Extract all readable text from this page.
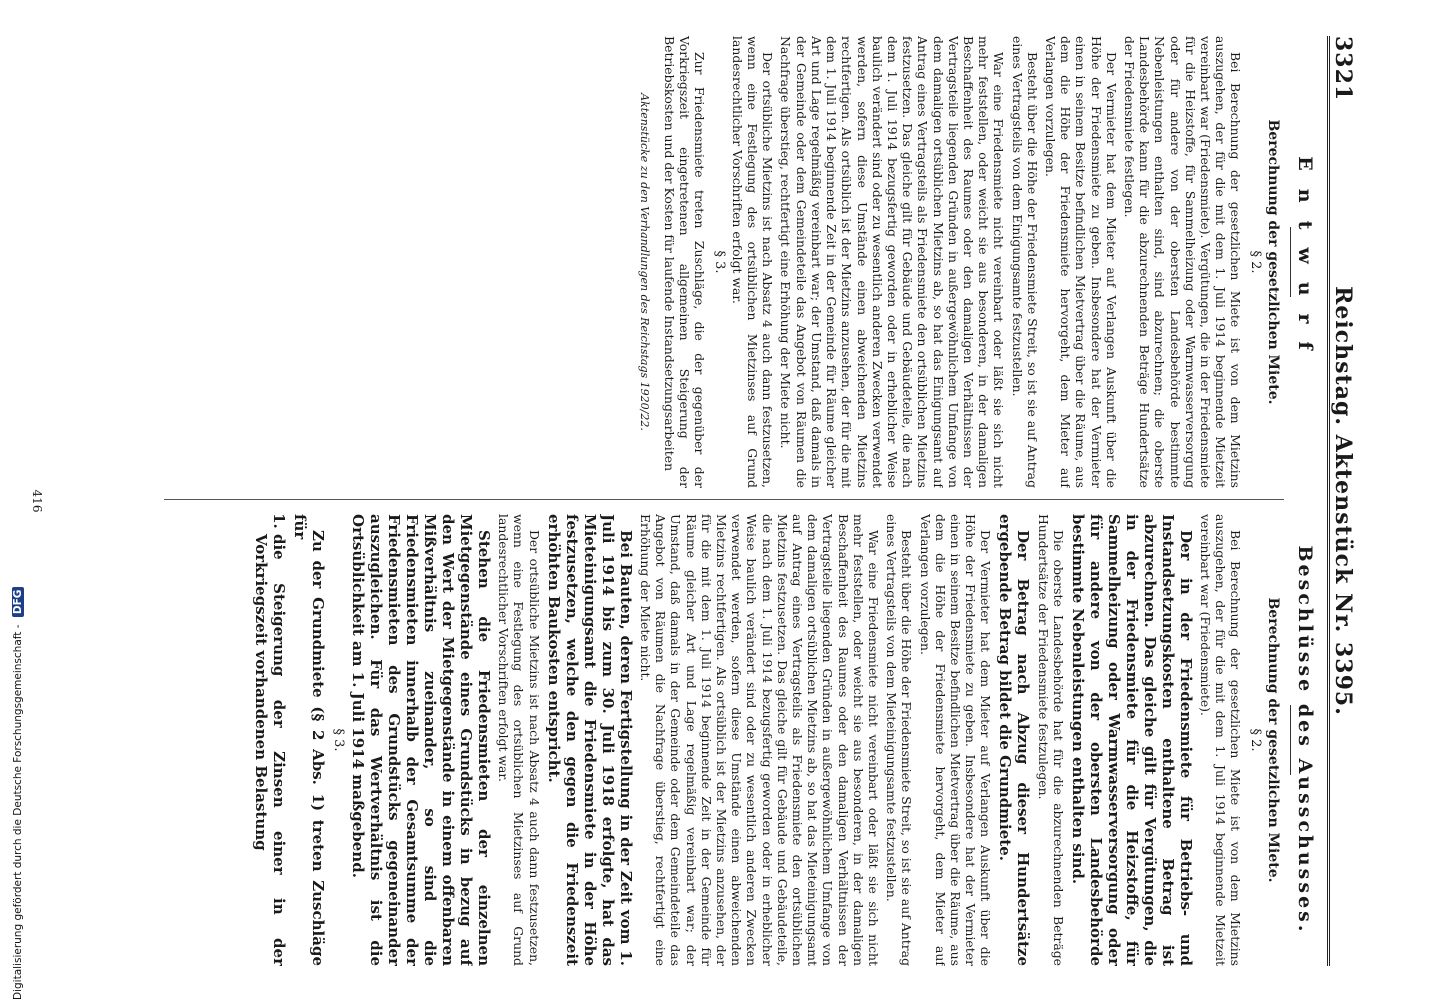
3321
Reichstag. Aktenstück Nr. 3395.
Entwurf
Berechnung der gesetzlichen Miete.
§ 2.

Bei Berechnung der gesetzlichen Miete ist von dem Mietzins auszugehen, der für die mit dem 1. Juli 1914 beginnende Mietzeit vereinbart war (Friedensmiete). Vergütungen, die in der Friedensmiete für die Heizstoffe, für Sammelheizung oder Warmwasserversorgung oder für andere von der obersten Landesbehörde bestimmte Nebenleistungen enthalten sind, sind abzurechnen; die oberste Landesbehörde kann für die abzurechnenden Beträge Hundertsätze der Friedensmiete festlegen.

Der Vermieter hat dem Mieter auf Verlangen Auskunft über die Höhe der Friedensmiete zu geben. Insbesondere hat der Vermieter einen in seinem Besitze befindlichen Mietvertrag über die Räume, aus dem die Höhe der Friedensmiete hervorgeht, dem Mieter auf Verlangen vorzulegen.

Besteht über die Höhe der Friedensmiete Streit, so ist sie auf Antrag eines Vertragsteils von dem Einigungsamte festzustellen.

War eine Friedensmiete nicht vereinbart oder läßt sie sich nicht mehr feststellen, oder weicht sie aus besonderen, in der damaligen Beschaffenheit des Raumes oder den damaligen Verhältnissen der Vertragsteile liegenden Gründen in außergewöhnlichem Umfange von dem damaligen ortsüblichen Mietzins ab, so hat das Einigungsamt auf Antrag eines Vertragsteils als Friedensmiete den ortsüblichen Mietzins festzusetzen. Das gleiche gilt für Gebäude und Gebäudeteile, die nach dem 1. Juli 1914 bezugsfertig geworden oder in erheblicher Weise baulich verändert sind oder zu wesentlich anderen Zwecken verwendet werden, sofern diese Umstände einen abweichenden Mietzins rechtfertigen. Als ortsüblich ist der Mietzins anzusehen, der für die mit dem 1. Juli 1914 beginnende Zeit in der Gemeinde für Räume gleicher Art und Lage regelmäßig vereinbart war; der Umstand, daß damals in der Gemeinde oder dem Gemeindeteile das Angebot von Räumen die Nachfrage überstieg, rechtfertigt eine Erhöhung der Miete nicht.

Der ortsübliche Mietzins ist nach Absatz 4 auch dann festzusetzen, wenn eine Festlegung des ortsüblichen Mietzinses auf Grund landesrechtlicher Vorschriften erfolgt war.

§ 3.

Zur Friedensmiete treten Zuschläge, die der gegenüber der Vorkriegszeit eingetretenen allgemeinen Steigerung der Betriebskosten und der Kosten für laufende Instandsetzungsarbeiten

Aktenstücke zu den Verhandlungen des Reichstags 1920/22.
Beschlüsse des Ausschusses.
Berechnung der gesetzlichen Miete.
§ 2.

Bei Berechnung der gesetzlichen Miete ist von dem Mietzins auszugehen, der für die mit dem 1. Juli 1914 beginnende Mietzeit vereinbart war (Friedensmiete).

Der in der Friedensmiete für Betriebs- und Instandsetzungskosten enthaltene Betrag ist abzurechnen. Das gleiche gilt für Vergütungen, die in der Friedensmiete für die Heizstoffe, für Sammelheizung oder Warmwasserversorgung oder für andere von der obersten Landesbehörde bestimmte Nebenleistungen enthalten sind.

Die oberste Landesbehörde hat für die abzurechnenden Beträge Hundertsätze der Friedensmiete festzulegen.

Der Betrag nach Abzug dieser Hundertsätze ergebende Betrag bildet die Grundmiete.

Der Vermieter hat dem Mieter auf Verlangen Auskunft über die Höhe der Friedensmiete zu geben. Insbesondere hat der Vermieter einen in seinem Besitze befindlichen Mietvertrag über die Räume, aus dem die Höhe der Friedensmiete hervorgeht, dem Mieter auf Verlangen vorzulegen.

Besteht über die Höhe der Friedensmiete Streit, so ist sie auf Antrag eines Vertragsteils von dem Mieteinigungsamte festzustellen.

War eine Friedensmiete nicht vereinbart oder läßt sie sich nicht mehr feststellen, oder weicht sie aus besonderen, in der damaligen Beschaffenheit des Raumes oder den damaligen Verhältnissen der Vertragsteile liegenden Gründen in außergewöhnlichem Umfange von dem damaligen ortsüblichen Mietzins ab, so hat das Mieteinigungsamt auf Antrag eines Vertragsteils als Friedensmiete den ortsüblichen Mietzins festzusetzen. Das gleiche gilt für Gebäude und Gebäudeteile, die nach dem 1. Juli 1914 bezugsfertig geworden oder in erheblicher Weise baulich verändert sind oder zu wesentlich anderen Zwecken verwendet werden, sofern diese Umstände einen abweichenden Mietzins rechtfertigen. Als ortsüblich ist der Mietzins anzusehen, der für die mit dem 1. Juli 1914 beginnende Zeit in der Gemeinde für Räume gleicher Art und Lage regelmäßig vereinbart war; der Umstand, daß damals in der Gemeinde oder dem Gemeindeteile das Angebot von Räumen die Nachfrage überstieg, rechtfertigt eine Erhöhung der Miete nicht.

Bei Bauten, deren Fertigstellung in der Zeit vom 1. Juli 1914 bis zum 30. Juli 1918 erfolgte, hat das Mieteinigungsamt die Friedensmiete in der Höhe festzusetzen, welche den gegen die Friedenszeit erhöhten Baukosten entspricht.

Der ortsübliche Mietzins ist nach Absatz 4 auch dann festzusetzen, wenn eine Festlegung des ortsüblichen Mietzinses auf Grund landesrechtlicher Vorschriften erfolgt war.

Stehen die Friedensmieten der einzelnen Mietgegenstände eines Grundstücks in bezug auf den Wert der Mietgegenstände in einem offenbaren Mißverhältnis zueinander, so sind die Friedensmieten innerhalb der Gesamtsumme der Friedensmieten des Grundstücks gegeneinander auszugleichen. Für das Wertverhältnis ist die Ortsüblichkeit am 1. Juli 1914 maßgebend.

§ 3.

Zu der Grundmiete (§ 2 Abs. 1) treten Zuschläge für

1. die Steigerung der Zinsen einer in der Vorkriegszeit vorhandenen Belastung
416
Digitalisierung gefördert durch die Deutsche Forschungsgemeinschaft - DFG
